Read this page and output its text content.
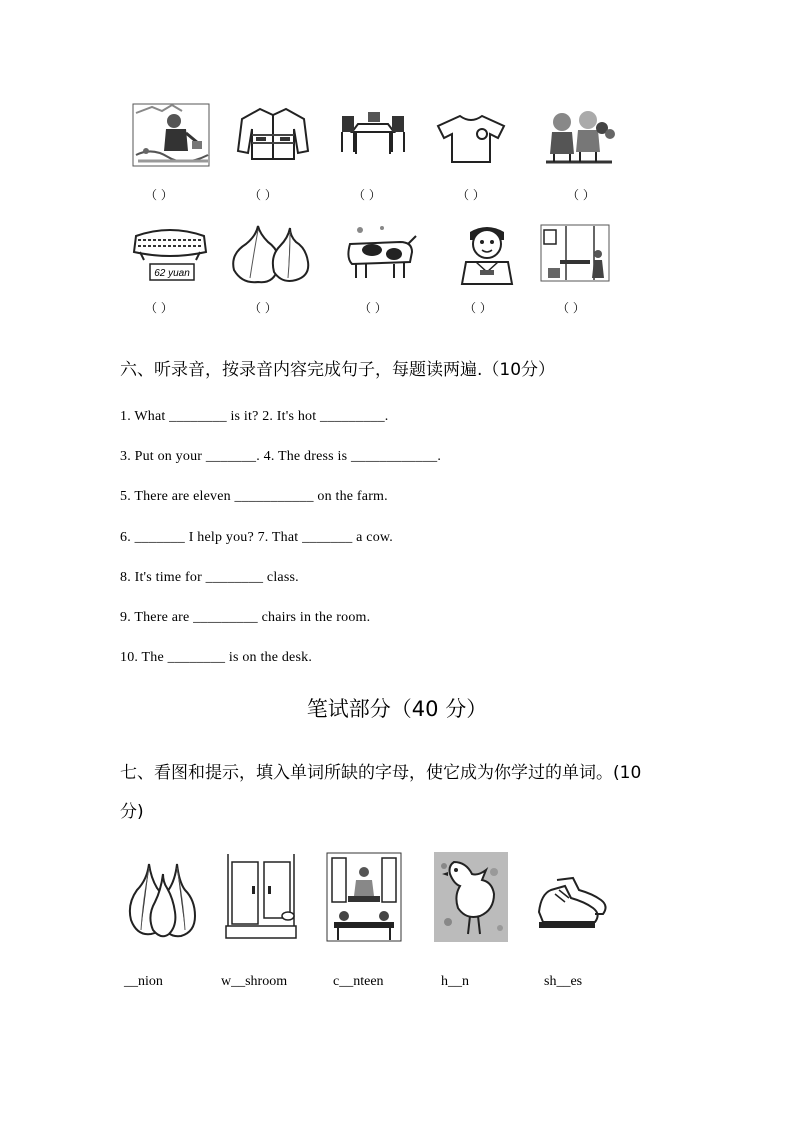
（ ）	（ ）	（ ）	（ ）	（ ）
62 yuan
（ ）	（ ）	（ ）	（ ）	（ ）
六、听录音，按录音内容完成句子，每题读两遍.（10分）
1. What ________ is it? 2. It's hot _________.
3. Put on your _______. 4. The dress is ____________.
5. There are eleven ___________ on the farm.
6. _______ I help you? 7. That _______ a cow.
8. It's time for ________ class.
9. There are _________ chairs in the room.
10. The ________ is on the desk.
笔试部分（40 分）
七、看图和提示，填入单词所缺的字母，使它成为你学过的单词。(10
分)
__nion	w__shroom	c__nteen	h__n	sh__es
